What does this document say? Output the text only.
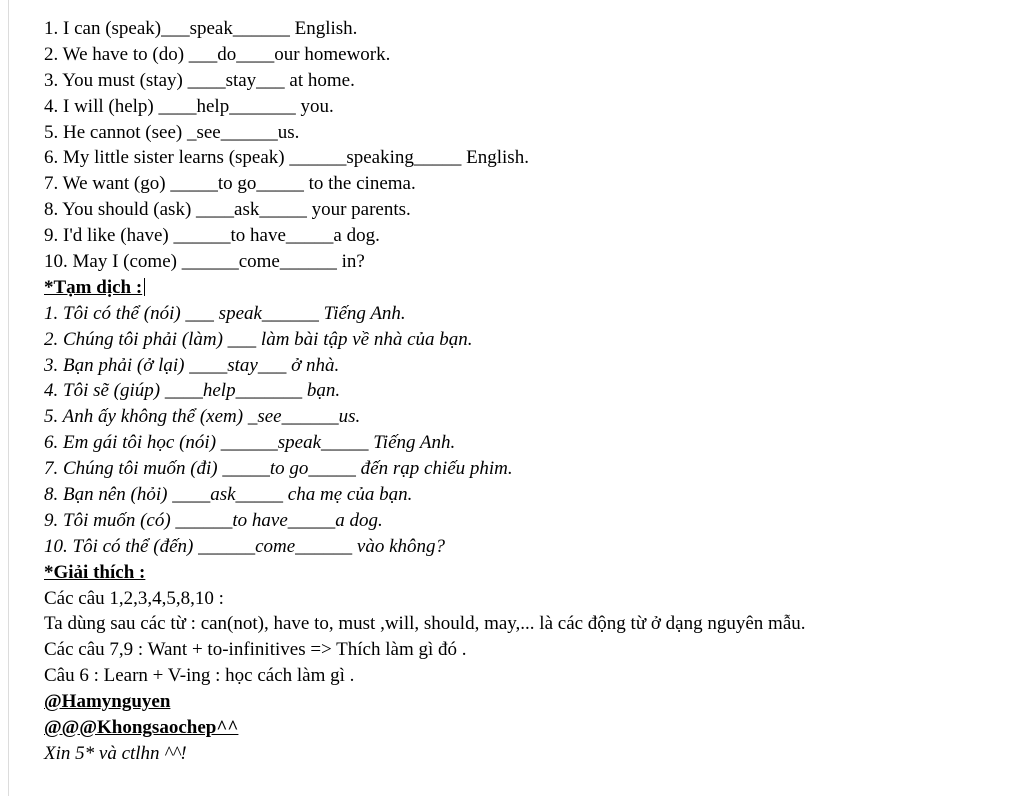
1. I can (speak)___speak______ English.
2. We have to (do) ___do____our homework.
3. You must (stay) ____stay___ at home.
4. I will (help) ____help_______ you.
5. He cannot (see) _see______us.
6. My little sister learns (speak) ______speaking_____ English.
7. We want (go) _____to go_____ to the cinema.
8. You should (ask) ____ask_____ your parents.
9. I'd like (have) ______to have_____a dog.
10. May I (come) ______come______ in?
*Tạm dịch :
1. Tôi có thể (nói) ___ speak______ Tiếng Anh.
2. Chúng tôi phải (làm) ___ làm bài tập về nhà của bạn.
3. Bạn phải (ở lại) ____stay___ ở nhà.
4. Tôi sẽ (giúp) ____help_______ bạn.
5. Anh ấy không thể (xem) _see______us.
6. Em gái tôi học (nói) ______speak_____ Tiếng Anh.
7. Chúng tôi muốn (đi) _____to go_____ đến rạp chiếu phim.
8. Bạn nên (hỏi) ____ask_____ cha mẹ của bạn.
9. Tôi muốn (có) ______to have_____a dog.
10. Tôi có thể (đến) ______come______ vào không?
*Giải thích :
Các câu 1,2,3,4,5,8,10 :
Ta dùng sau các từ : can(not), have to, must ,will, should, may,... là các động từ ở dạng nguyên mẫu.
Các câu 7,9 : Want + to-infinitives => Thích làm gì đó .
Câu 6 : Learn + V-ing : học cách làm gì .
@Hamynguyen
@@@Khongsaochep^^
Xin 5* và ctlhn ^^!
